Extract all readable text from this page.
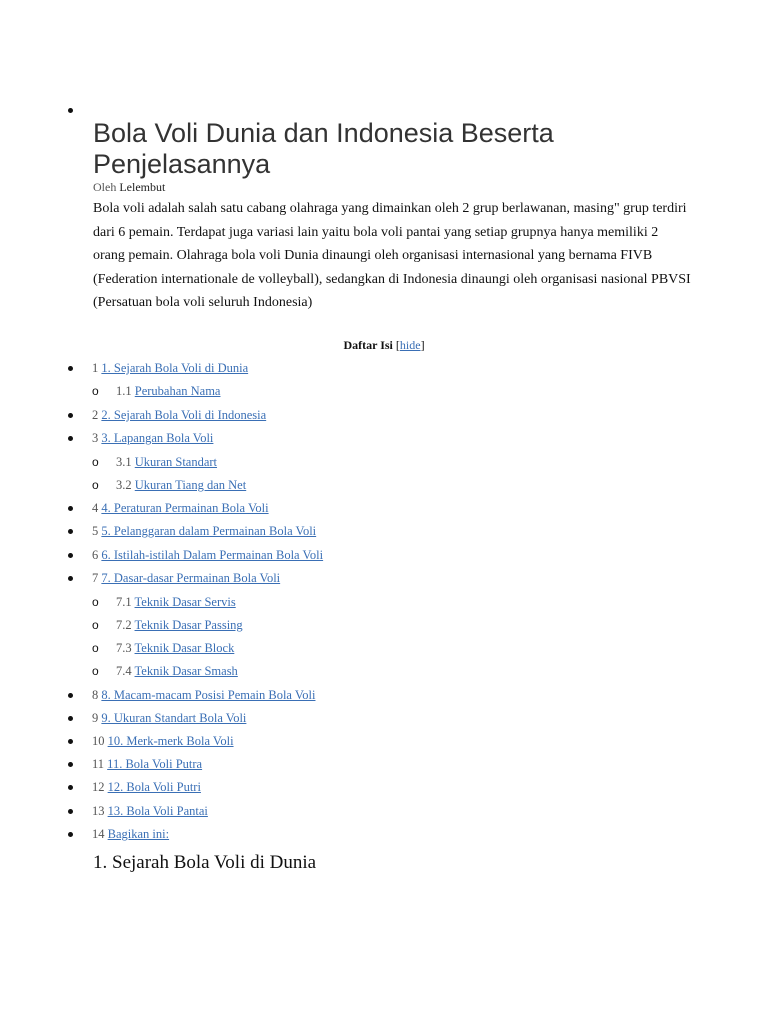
Bola Voli Dunia dan Indonesia Beserta Penjelasannya
Oleh Lelembut

Bola voli adalah salah satu cabang olahraga yang dimainkan oleh 2 grup berlawanan, masing" grup terdiri dari 6 pemain. Terdapat juga variasi lain yaitu bola voli pantai yang setiap grupnya hanya memiliki 2 orang pemain. Olahraga bola voli Dunia dinaungi oleh organisasi internasional yang bernama FIVB (Federation internationale de volleyball), sedangkan di Indonesia dinaungi oleh organisasi nasional PBVSI (Persatuan bola voli seluruh Indonesia)

Daftar Isi [hide]
1 1. Sejarah Bola Voli di Dunia
o 1.1 Perubahan Nama
2 2. Sejarah Bola Voli di Indonesia
3 3. Lapangan Bola Voli
o 3.1 Ukuran Standart
o 3.2 Ukuran Tiang dan Net
4 4. Peraturan Permainan Bola Voli
5 5. Pelanggaran dalam Permainan Bola Voli
6 6. Istilah-istilah Dalam Permainan Bola Voli
7 7. Dasar-dasar Permainan Bola Voli
o 7.1 Teknik Dasar Servis
o 7.2 Teknik Dasar Passing
o 7.3 Teknik Dasar Block
o 7.4 Teknik Dasar Smash
8 8. Macam-macam Posisi Pemain Bola Voli
9 9. Ukuran Standart Bola Voli
10 10. Merk-merk Bola Voli
11 11. Bola Voli Putra
12 12. Bola Voli Putri
13 13. Bola Voli Pantai
14 Bagikan ini:
1. Sejarah Bola Voli di Dunia
